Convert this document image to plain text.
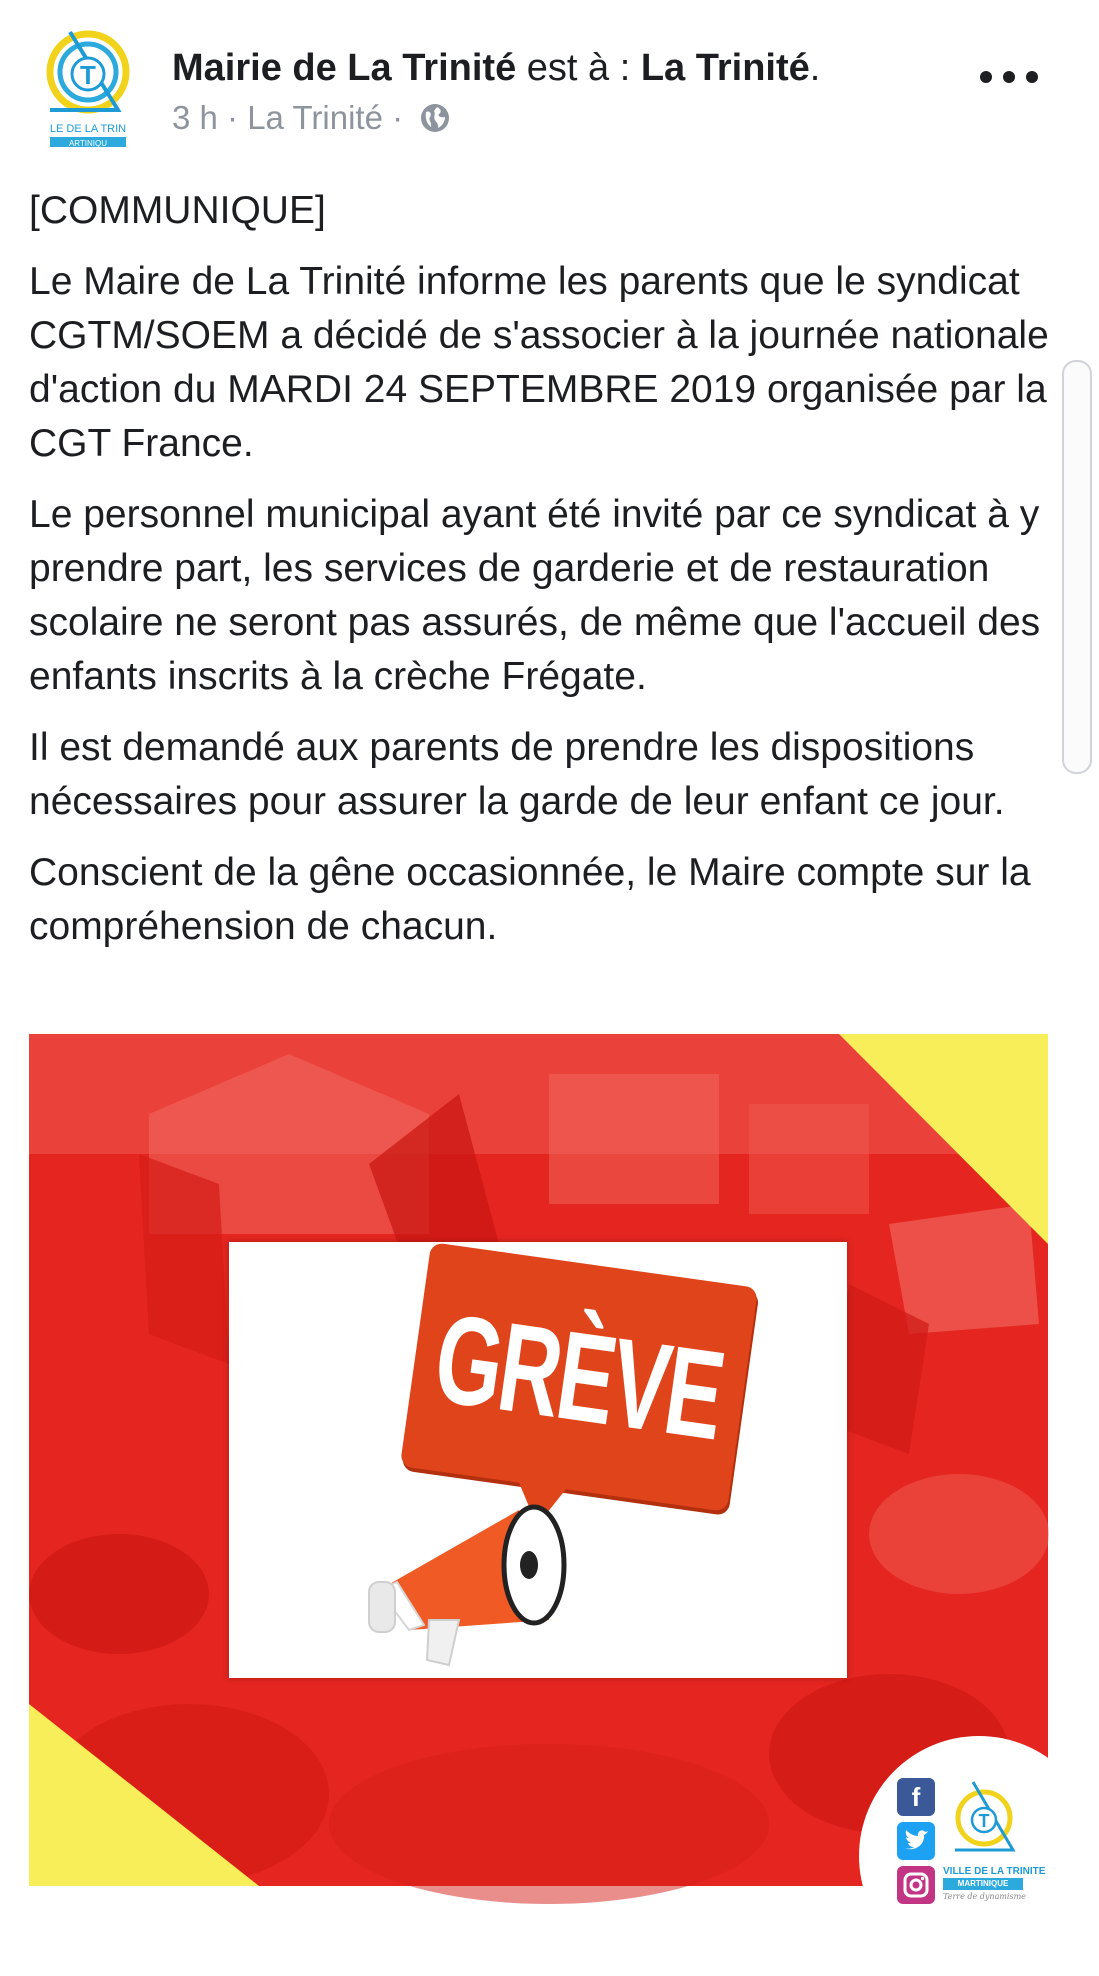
T
LE DE LA TRIN
ARTINIQU
Mairie de La Trinité est à : La Trinité.
3 h · La Trinité ·

[COMMUNIQUE]

Le Maire de La Trinité informe les parents que le syndicat CGTM/SOEM a décidé de s'associer à la journée nationale d'action du MARDI 24 SEPTEMBRE 2019 organisée par la CGT France.

Le personnel municipal ayant été invité par ce syndicat à y prendre part, les services de garderie et de restauration scolaire ne seront pas assurés, de même que l'accueil des enfants inscrits à la crèche Frégate.

Il est demandé aux parents de prendre les dispositions nécessaires pour assurer la garde de leur enfant ce jour.

Conscient de la gêne occasionnée, le Maire compte sur la compréhension de chacun.

GRÈVE
f
T
VILLE DE LA TRINITE
MARTINIQUE
Terre de dynamisme
